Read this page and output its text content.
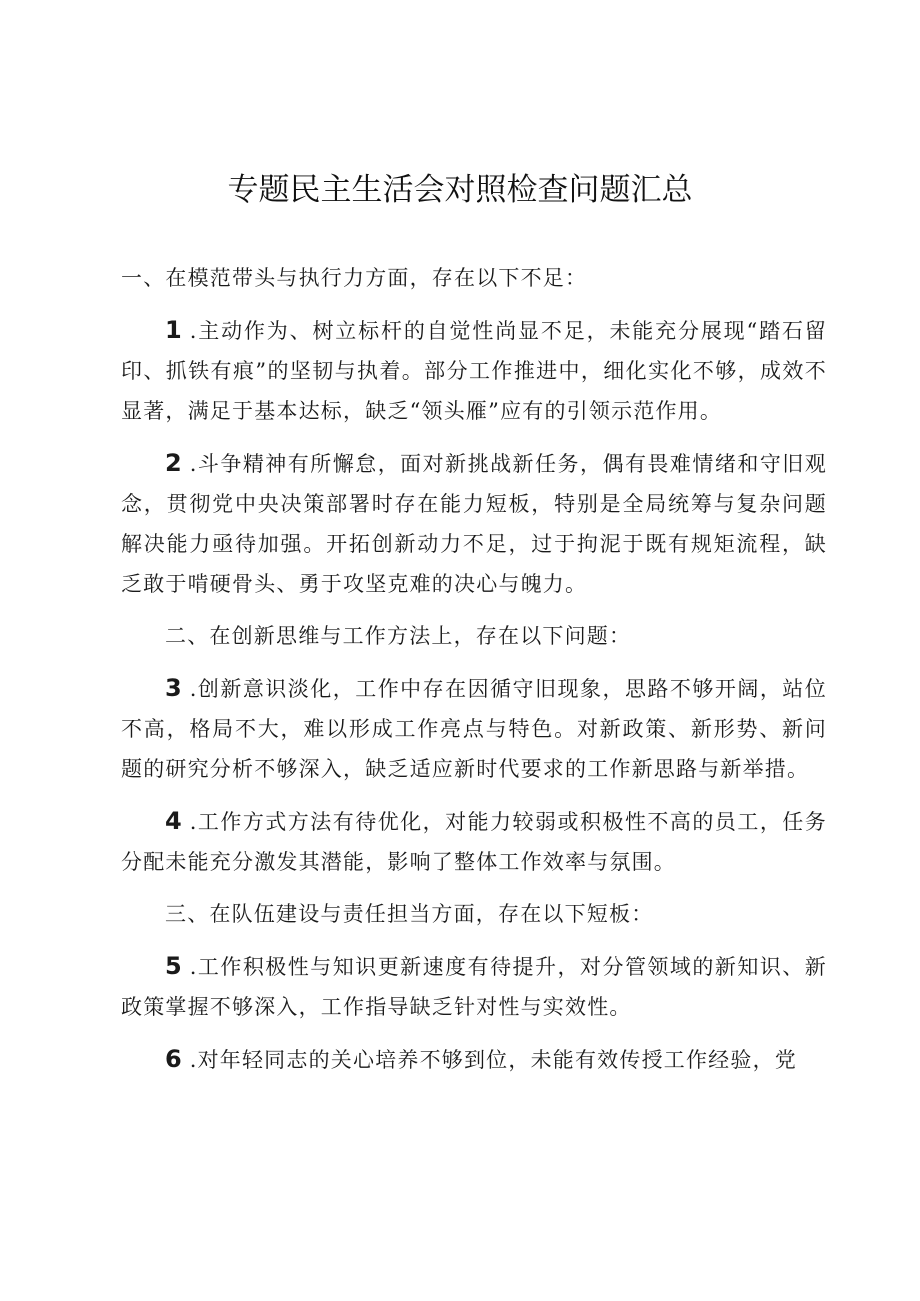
专题民主生活会对照检查问题汇总

一、在模范带头与执行力方面，存在以下不足：

1.主动作为、树立标杆的自觉性尚显不足，未能充分展现“踏石留印、抓铁有痕”的坚韧与执着。部分工作推进中，细化实化不够，成效不显著，满足于基本达标，缺乏“领头雁”应有的引领示范作用。

2.斗争精神有所懈怠，面对新挑战新任务，偶有畏难情绪和守旧观念，贯彻党中央决策部署时存在能力短板，特别是全局统筹与复杂问题解决能力亟待加强。开拓创新动力不足，过于拘泥于既有规矩流程，缺乏敢于啃硬骨头、勇于攻坚克难的决心与魄力。

二、在创新思维与工作方法上，存在以下问题：

3.创新意识淡化，工作中存在因循守旧现象，思路不够开阔，站位不高，格局不大，难以形成工作亮点与特色。对新政策、新形势、新问题的研究分析不够深入，缺乏适应新时代要求的工作新思路与新举措。

4.工作方式方法有待优化，对能力较弱或积极性不高的员工，任务分配未能充分激发其潜能，影响了整体工作效率与氛围。

三、在队伍建设与责任担当方面，存在以下短板：

5.工作积极性与知识更新速度有待提升，对分管领域的新知识、新政策掌握不够深入，工作指导缺乏针对性与实效性。

6.对年轻同志的关心培养不够到位，未能有效传授工作经验，党
